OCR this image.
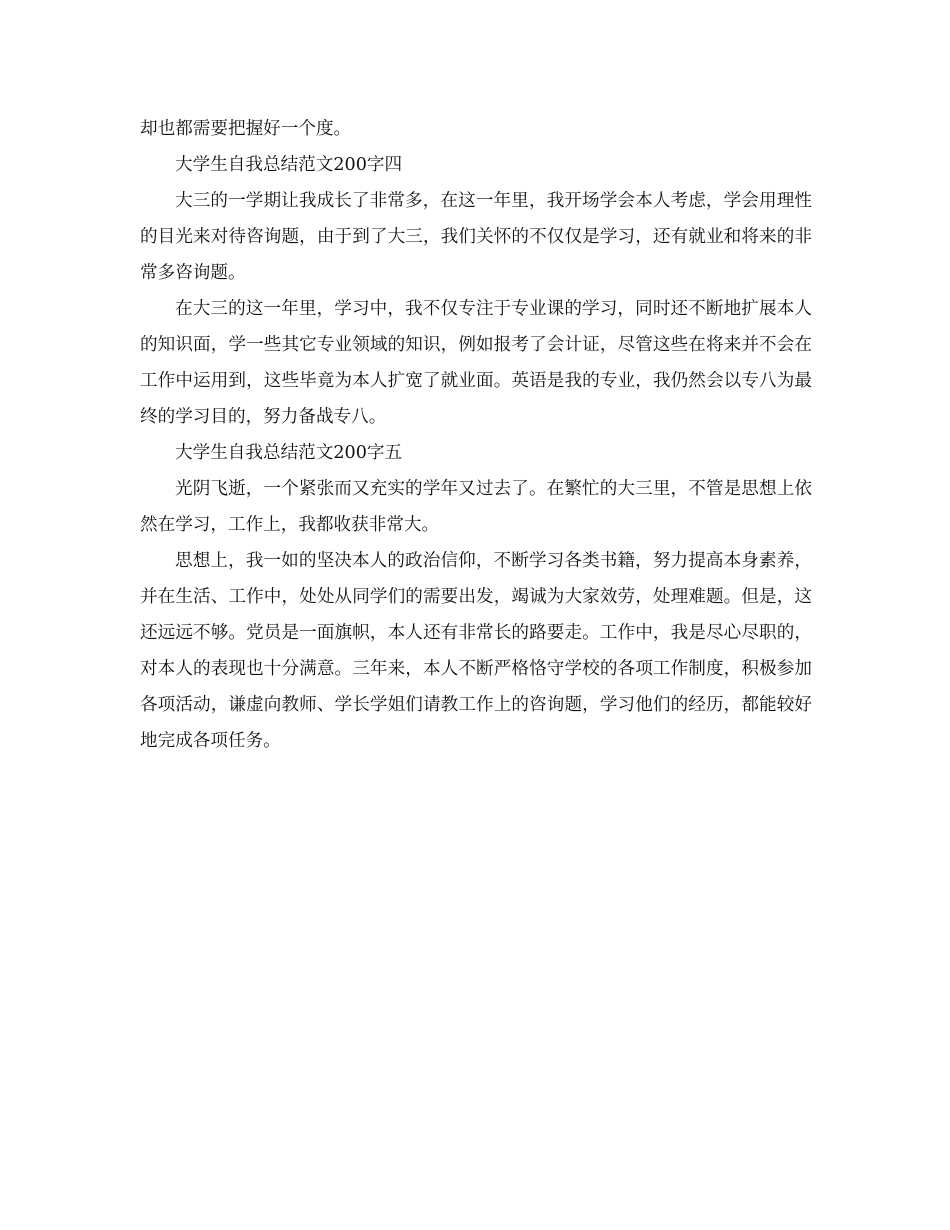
却也都需要把握好一个度。

大学生自我总结范文200字四

大三的一学期让我成长了非常多，在这一年里，我开场学会本人考虑，学会用理性的目光来对待咨询题，由于到了大三，我们关怀的不仅仅是学习，还有就业和将来的非常多咨询题。

在大三的这一年里，学习中，我不仅专注于专业课的学习，同时还不断地扩展本人的知识面，学一些其它专业领域的知识，例如报考了会计证，尽管这些在将来并不会在工作中运用到，这些毕竟为本人扩宽了就业面。英语是我的专业，我仍然会以专八为最终的学习目的，努力备战专八。

大学生自我总结范文200字五

光阴飞逝，一个紧张而又充实的学年又过去了。在繁忙的大三里，不管是思想上依然在学习，工作上，我都收获非常大。

思想上，我一如的坚决本人的政治信仰，不断学习各类书籍，努力提高本身素养，并在生活、工作中，处处从同学们的需要出发，竭诚为大家效劳，处理难题。但是，这还远远不够。党员是一面旗帜，本人还有非常长的路要走。工作中，我是尽心尽职的，对本人的表现也十分满意。三年来，本人不断严格恪守学校的各项工作制度，积极参加各项活动，谦虚向教师、学长学姐们请教工作上的咨询题，学习他们的经历，都能较好地完成各项任务。
